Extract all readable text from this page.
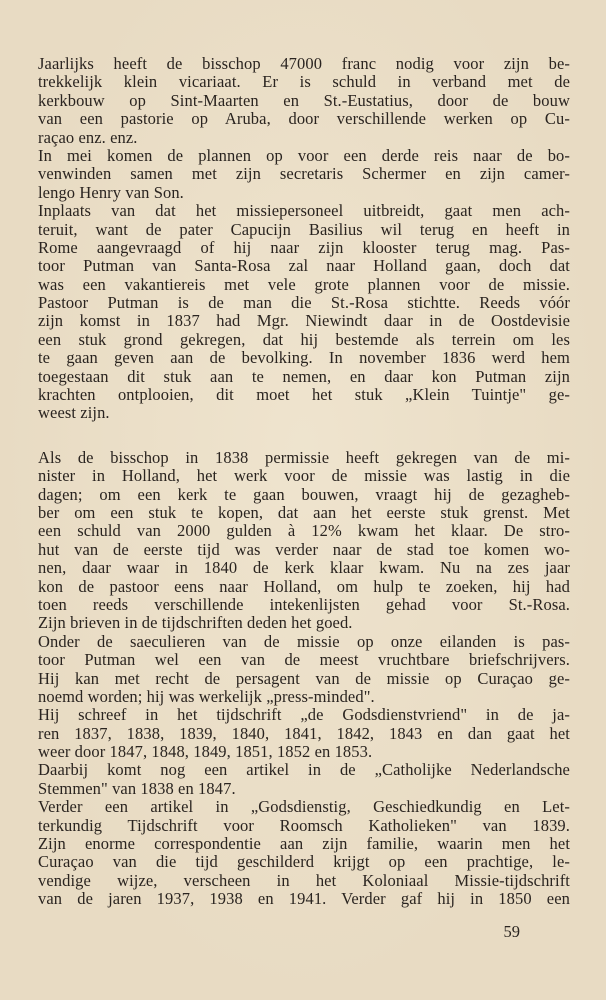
Jaarlijks heeft de bisschop 47000 franc nodig voor zijn be-
trekkelijk klein vicariaat. Er is schuld in verband met de
kerkbouw op Sint-Maarten en St.-Eustatius, door de bouw
van een pastorie op Aruba, door verschillende werken op Cu-
raçao enz. enz.
In mei komen de plannen op voor een derde reis naar de bo-
venwinden samen met zijn secretaris Schermer en zijn camer-
lengo Henry van Son.
Inplaats van dat het missiepersoneel uitbreidt, gaat men ach-
teruit, want de pater Capucijn Basilius wil terug en heeft in
Rome aangevraagd of hij naar zijn klooster terug mag. Pas-
toor Putman van Santa-Rosa zal naar Holland gaan, doch dat
was een vakantiereis met vele grote plannen voor de missie.
Pastoor Putman is de man die St.-Rosa stichtte. Reeds vóór
zijn komst in 1837 had Mgr. Niewindt daar in de Oostdevisie
een stuk grond gekregen, dat hij bestemde als terrein om les
te gaan geven aan de bevolking. In november 1836 werd hem
toegestaan dit stuk aan te nemen, en daar kon Putman zijn
krachten ontplooien, dit moet het stuk „Klein Tuintje" ge-
weest zijn.
Als de bisschop in 1838 permissie heeft gekregen van de mi-
nister in Holland, het werk voor de missie was lastig in die
dagen; om een kerk te gaan bouwen, vraagt hij de gezagheb-
ber om een stuk te kopen, dat aan het eerste stuk grenst. Met
een schuld van 2000 gulden à 12% kwam het klaar. De stro-
hut van de eerste tijd was verder naar de stad toe komen wo-
nen, daar waar in 1840 de kerk klaar kwam. Nu na zes jaar
kon de pastoor eens naar Holland, om hulp te zoeken, hij had
toen reeds verschillende intekenlijsten gehad voor St.-Rosa.
Zijn brieven in de tijdschriften deden het goed.
Onder de saeculieren van de missie op onze eilanden is pas-
toor Putman wel een van de meest vruchtbare briefschrijvers.
Hij kan met recht de persagent van de missie op Curaçao ge-
noemd worden; hij was werkelijk „press-minded".
Hij schreef in het tijdschrift „de Godsdienstvriend" in de ja-
ren 1837, 1838, 1839, 1840, 1841, 1842, 1843 en dan gaat het
weer door 1847, 1848, 1849, 1851, 1852 en 1853.
Daarbij komt nog een artikel in de „Catholijke Nederlandsche
Stemmen" van 1838 en 1847.
Verder een artikel in „Godsdienstig, Geschiedkundig en Let-
terkundig Tijdschrift voor Roomsch Katholieken" van 1839.
Zijn enorme correspondentie aan zijn familie, waarin men het
Curaçao van die tijd geschilderd krijgt op een prachtige, le-
vendige wijze, verscheen in het Koloniaal Missie-tijdschrift
van de jaren 1937, 1938 en 1941. Verder gaf hij in 1850 een
59
